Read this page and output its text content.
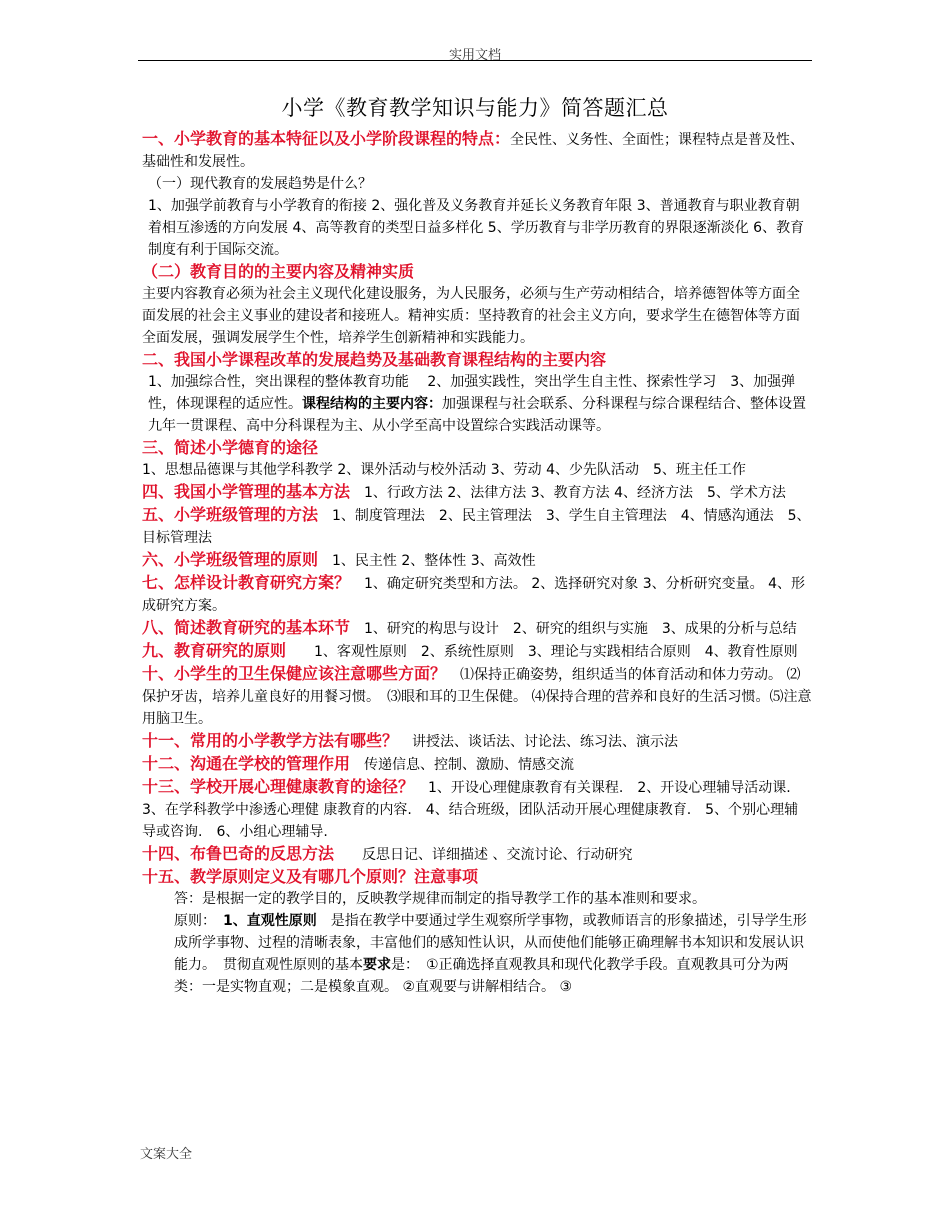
实用文档
小学《教育教学知识与能力》简答题汇总

一、小学教育的基本特征以及小学阶段课程的特点：全民性、义务性、全面性；课程特点是普及性、基础性和发展性。

（一）现代教育的发展趋势是什么？

1、加强学前教育与小学教育的衔接 2、强化普及义务教育并延长义务教育年限 3、普通教育与职业教育朝着相互渗透的方向发展 4、高等教育的类型日益多样化 5、学历教育与非学历教育的界限逐渐淡化 6、教育制度有利于国际交流。

（二）教育目的的主要内容及精神实质

主要内容教育必须为社会主义现代化建设服务，为人民服务，必须与生产劳动相结合，培养德智体等方面全面发展的社会主义事业的建设者和接班人。精神实质：坚持教育的社会主义方向，要求学生在德智体等方面全面发展，强调发展学生个性，培养学生创新精神和实践能力。

二、我国小学课程改革的发展趋势及基础教育课程结构的主要内容

1、加强综合性，突出课程的整体教育功能　 2、加强实践性，突出学生自主性、探索性学习　3、加强弹性，体现课程的适应性。课程结构的主要内容：加强课程与社会联系、分科课程与综合课程结合、整体设置九年一贯课程、高中分科课程为主、从小学至高中设置综合实践活动课等。

三、简述小学德育的途径

1、思想品德课与其他学科教学 2、课外活动与校外活动 3、劳动 4、少先队活动　5、班主任工作

四、我国小学管理的基本方法　 1、行政方法 2、法律方法 3、教育方法 4、经济方法　5、学术方法

五、小学班级管理的方法　 1、制度管理法　2、民主管理法　3、学生自主管理法　4、情感沟通法　5、目标管理法

六、小学班级管理的原则　 1、民主性 2、整体性 3、高效性

七、怎样设计教育研究方案？　 1、确定研究类型和方法。 2、选择研究对象 3、分析研究变量。 4、形成研究方案。

八、简述教育研究的基本环节　 1、研究的构思与设计　2、研究的组织与实施　3、成果的分析与总结

九、教育研究的原则　　 1、客观性原则　2、系统性原则　3、理论与实践相结合原则　4、教育性原则

十、小学生的卫生保健应该注意哪些方面？　 ⑴保持正确姿势，组织适当的体育活动和体力劳动。 ⑵保护牙齿，培养儿童良好的用餐习惯。　⑶眼和耳的卫生保健。 ⑷保持合理的营养和良好的生活习惯。⑸注意用脑卫生。

十一、常用的小学教学方法有哪些？　 讲授法、谈话法、讨论法、练习法、演示法

十二、沟通在学校的管理作用　 传递信息、控制、激励、情感交流

十三、学校开展心理健康教育的途径？　 1、开设心理健康教育有关课程.　2、开设心理辅导活动课.　3、在学科教学中渗透心理健 康教育的内容.　4、结合班级，团队活动开展心理健康教育.　5、个别心理辅导或咨询.　6、小组心理辅导.

十四、布鲁巴奇的反思方法　　 反思日记、详细描述 、交流讨论、行动研究

十五、教学原则定义及有哪几个原则？注意事项

答：是根据一定的教学目的，反映教学规律而制定的指导教学工作的基本准则和要求。

原则：　 1、直观性原则　是指在教学中要通过学生观察所学事物，或教师语言的形象描述，引导学生形成所学事物、过程的清晰表象，丰富他们的感知性认识，从而使他们能够正确理解书本知识和发展认识能力。　贯彻直观性原则的基本要求是：　①正确选择直观教具和现代化教学手段。直观教具可分为两类：一是实物直观；二是模象直观。 ②直观要与讲解相结合。 ③

文案大全
